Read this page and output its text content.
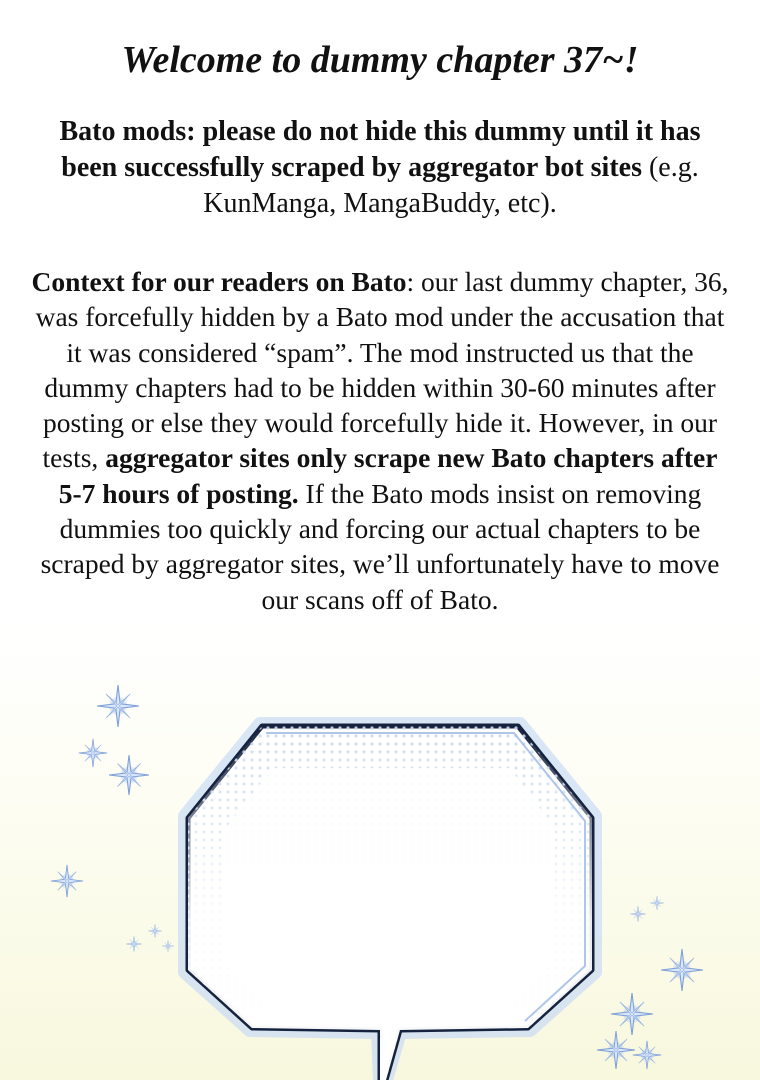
Welcome to dummy chapter 37~!

Bato mods: please do not hide this dummy until it has been successfully scraped by aggregator bot sites (e.g. KunManga, MangaBuddy, etc).

Context for our readers on Bato: our last dummy chapter, 36, was forcefully hidden by a Bato mod under the accusation that it was considered “spam”. The mod instructed us that the dummy chapters had to be hidden within 30-60 minutes after posting or else they would forcefully hide it. However, in our tests, aggregator sites only scrape new Bato chapters after 5-7 hours of posting. If the Bato mods insist on removing dummies too quickly and forcing our actual chapters to be scraped by aggregator sites, we’ll unfortunately have to move our scans off of Bato.
